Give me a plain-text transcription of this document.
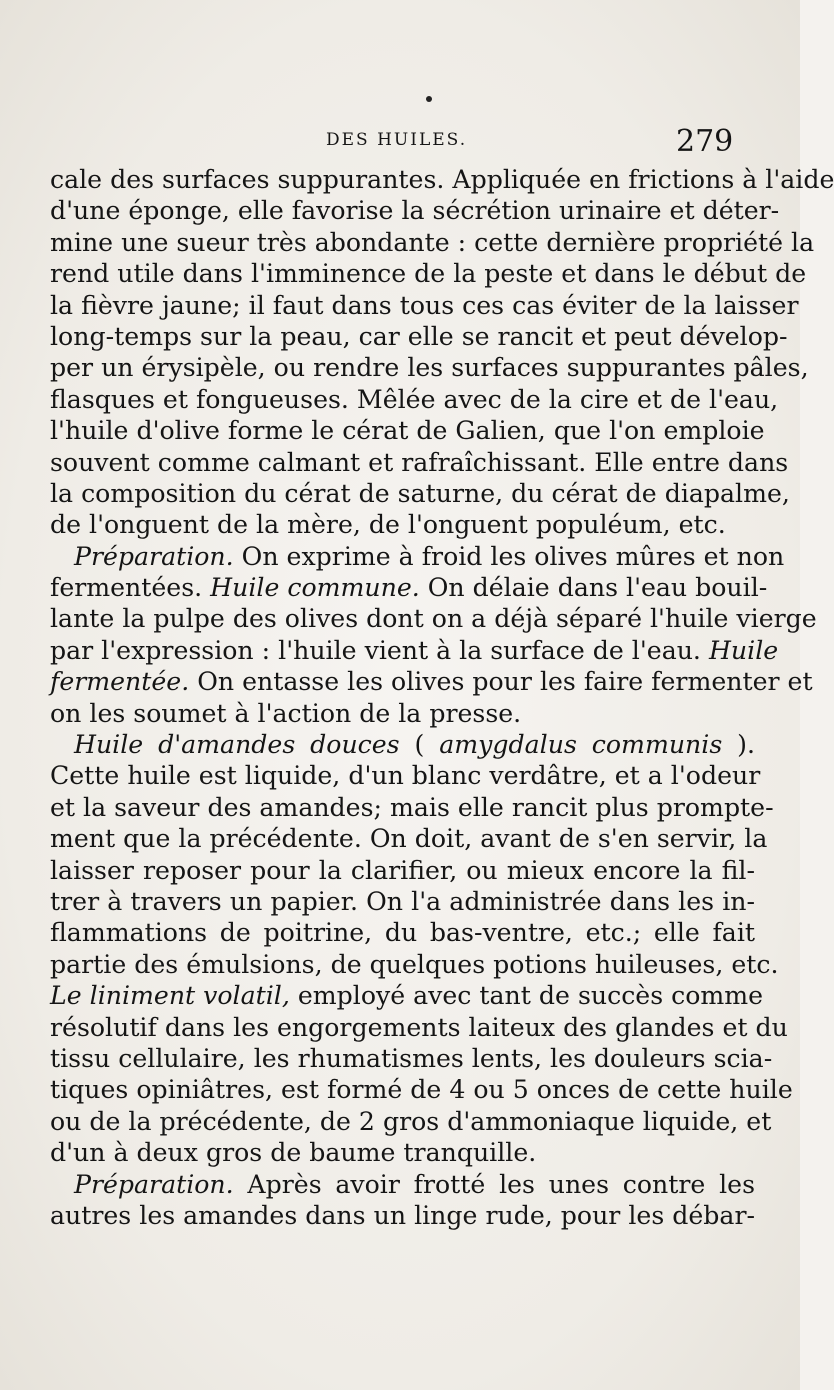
DES HUILES.	279
cale des surfaces suppurantes. Appliquée en frictions à l'aide
d'une éponge, elle favorise la sécrétion urinaire et déter-
mine une sueur très abondante : cette dernière propriété la
rend utile dans l'imminence de la peste et dans le début de
la fièvre jaune; il faut dans tous ces cas éviter de la laisser
long-temps sur la peau, car elle se rancit et peut dévelop-
per un érysipèle, ou rendre les surfaces suppurantes pâles,
flasques et fongueuses. Mêlée avec de la cire et de l'eau,
l'huile d'olive forme le cérat de Galien, que l'on emploie
souvent comme calmant et rafraîchissant. Elle entre dans
la composition du cérat de saturne, du cérat de diapalme,
de l'onguent de la mère, de l'onguent populéum, etc.
Préparation. On exprime à froid les olives mûres et non
fermentées. Huile commune. On délaie dans l'eau bouil-
lante la pulpe des olives dont on a déjà séparé l'huile vierge
par l'expression : l'huile vient à la surface de l'eau. Huile
fermentée. On entasse les olives pour les faire fermenter et
on les soumet à l'action de la presse.
Huile d'amandes douces ( amygdalus communis ).
Cette huile est liquide, d'un blanc verdâtre, et a l'odeur
et la saveur des amandes; mais elle rancit plus prompte-
ment que la précédente. On doit, avant de s'en servir, la
laisser reposer pour la clarifier, ou mieux encore la fil-
trer à travers un papier. On l'a administrée dans les in-
flammations de poitrine, du bas-ventre, etc.; elle fait
partie des émulsions, de quelques potions huileuses, etc.
Le liniment volatil, employé avec tant de succès comme
résolutif dans les engorgements laiteux des glandes et du
tissu cellulaire, les rhumatismes lents, les douleurs scia-
tiques opiniâtres, est formé de 4 ou 5 onces de cette huile
ou de la précédente, de 2 gros d'ammoniaque liquide, et
d'un à deux gros de baume tranquille.
Préparation. Après avoir frotté les unes contre les
autres les amandes dans un linge rude, pour les débar-
